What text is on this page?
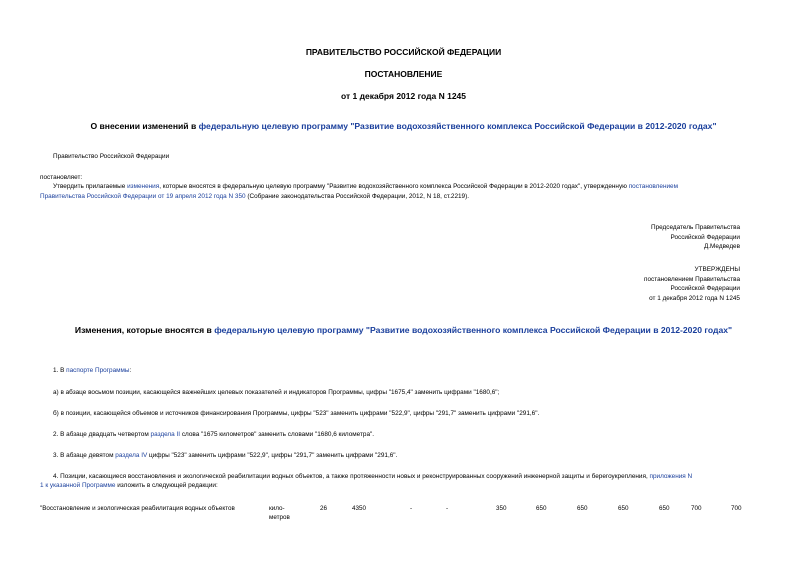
ПРАВИТЕЛЬСТВО РОССИЙСКОЙ ФЕДЕРАЦИИ
ПОСТАНОВЛЕНИЕ
от 1 декабря 2012 года N 1245
О внесении изменений в федеральную целевую программу "Развитие водохозяйственного комплекса Российской Федерации в 2012-2020 годах"
Правительство Российской Федерации
постановляет:
Утвердить прилагаемые изменения, которые вносятся в федеральную целевую программу "Развитие водохозяйственного комплекса Российской Федерации в 2012-2020 годах", утвержденную постановлением
Правительства Российской Федерации от 19 апреля 2012 года N 350 (Собрание законодательства Российской Федерации, 2012, N 18, ст.2219).
Председатель Правительства
Российской Федерации
Д.Медведев
УТВЕРЖДЕНЫ
постановлением Правительства
Российской Федерации
от 1 декабря 2012 года N 1245
Изменения, которые вносятся в федеральную целевую программу "Развитие водохозяйственного комплекса Российской Федерации в 2012-2020 годах"
1. В паспорте Программы:
а) в абзаце восьмом позиции, касающейся важнейших целевых показателей и индикаторов Программы, цифры "1675,4" заменить цифрами "1680,6";
б) в позиции, касающейся объемов и источников финансирования Программы, цифры "523" заменить цифрами "522,9", цифры "291,7" заменить цифрами "291,6".
2. В абзаце двадцать четвертом раздела II слова "1675 километров" заменить словами "1680,6 километра".
3. В абзаце девятом раздела IV цифры "523" заменить цифрами "522,9", цифры "291,7" заменить цифрами "291,6".
4. Позиции, касающиеся восстановления и экологической реабилитации водных объектов, а также протяженности новых и реконструированных сооружений инженерной защиты и берегоукрепления, приложения N
1 к указанной Программе изложить в следующей редакции:
"Восстановление и экологическая реабилитация водных объектов	кило-
метров
26	4350	-	-	350	650	650	650	650	700	700
